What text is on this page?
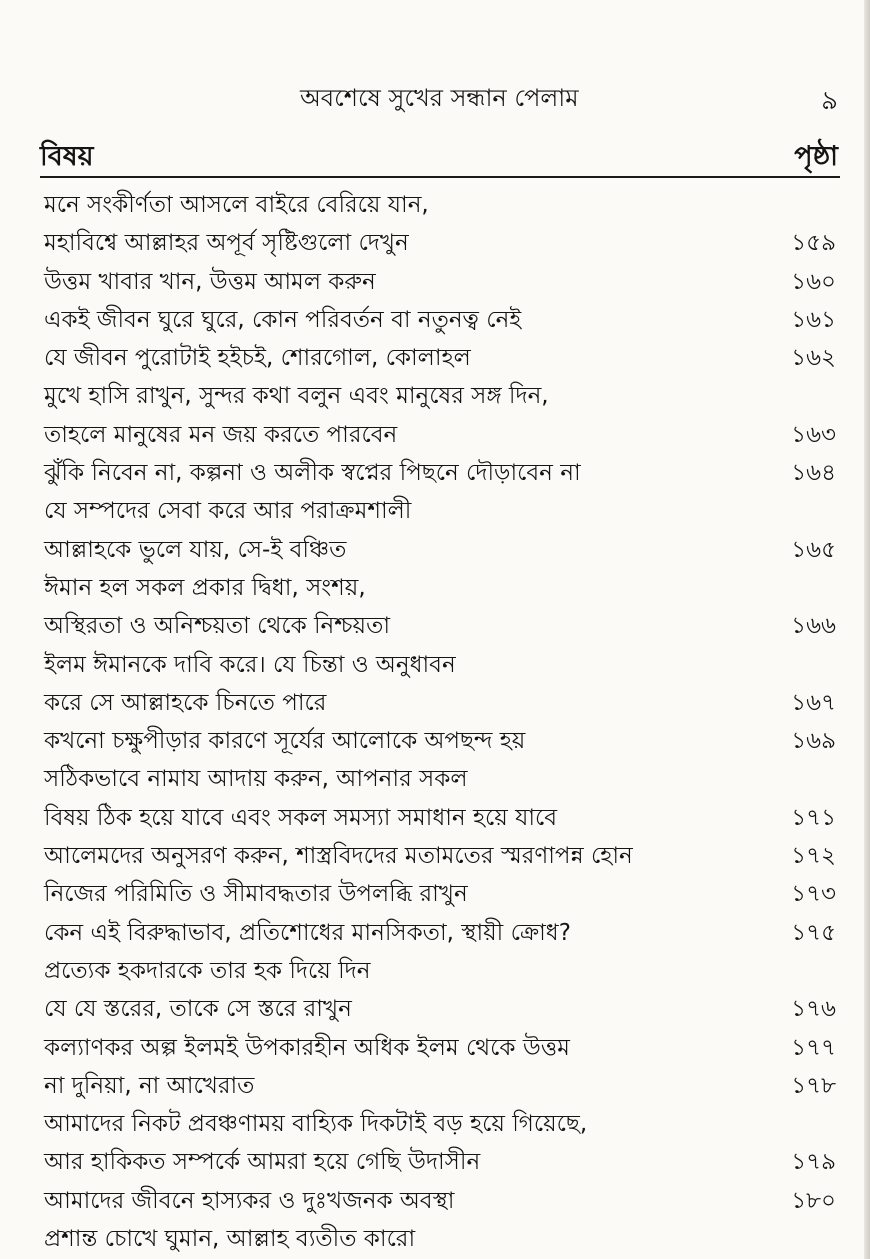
অবশেষে সুখের সন্ধান পেলাম	৯
বিষয়	পৃষ্ঠা
মনে সংকীর্ণতা আসলে বাইরে বেরিয়ে যান,
মহাবিশ্বে আল্লাহর অপূর্ব সৃষ্টিগুলো দেখুন	১৫৯
উত্তম খাবার খান, উত্তম আমল করুন	১৬০
একই জীবন ঘুরে ঘুরে, কোন পরিবর্তন বা নতুনত্ব নেই	১৬১
যে জীবন পুরোটাই হইচই, শোরগোল, কোলাহল	১৬২
মুখে হাসি রাখুন, সুন্দর কথা বলুন এবং মানুষের সঙ্গ দিন,
তাহলে মানুষের মন জয় করতে পারবেন	১৬৩
ঝুঁকি নিবেন না, কল্পনা ও অলীক স্বপ্নের পিছনে দৌড়াবেন না	১৬৪
যে সম্পদের সেবা করে আর পরাক্রমশালী
আল্লাহকে ভুলে যায়, সে-ই বঞ্চিত	১৬৫
ঈমান হল সকল প্রকার দ্বিধা, সংশয়,
অস্থিরতা ও অনিশ্চয়তা থেকে নিশ্চয়তা	১৬৬
ইলম ঈমানকে দাবি করে। যে চিন্তা ও অনুধাবন
করে সে আল্লাহকে চিনতে পারে	১৬৭
কখনো চক্ষুপীড়ার কারণে সূর্যের আলোকে অপছন্দ হয়	১৬৯
সঠিকভাবে নামায আদায় করুন, আপনার সকল
বিষয় ঠিক হয়ে যাবে এবং সকল সমস্যা সমাধান হয়ে যাবে	১৭১
আলেমদের অনুসরণ করুন, শাস্ত্রবিদদের মতামতের স্মরণাপন্ন হোন	১৭২
নিজের পরিমিতি ও সীমাবদ্ধতার উপলব্ধি রাখুন	১৭৩
কেন এই বিরুদ্ধাভাব, প্রতিশোধের মানসিকতা, স্থায়ী ক্রোধ?	১৭৫
প্রত্যেক হকদারকে তার হক দিয়ে দিন
যে যে স্তরের, তাকে সে স্তরে রাখুন	১৭৬
কল্যাণকর অল্প ইলমই উপকারহীন অধিক ইলম থেকে উত্তম	১৭৭
না দুনিয়া, না আখেরাত	১৭৮
আমাদের নিকট প্রবঞ্চণাময় বাহ্যিক দিকটাই বড় হয়ে গিয়েছে,
আর হাকিকত সম্পর্কে আমরা হয়ে গেছি উদাসীন	১৭৯
আমাদের জীবনে হাস্যকর ও দুঃখজনক অবস্থা	১৮০
প্রশান্ত চোখে ঘুমান, আল্লাহ ব্যতীত কারো
